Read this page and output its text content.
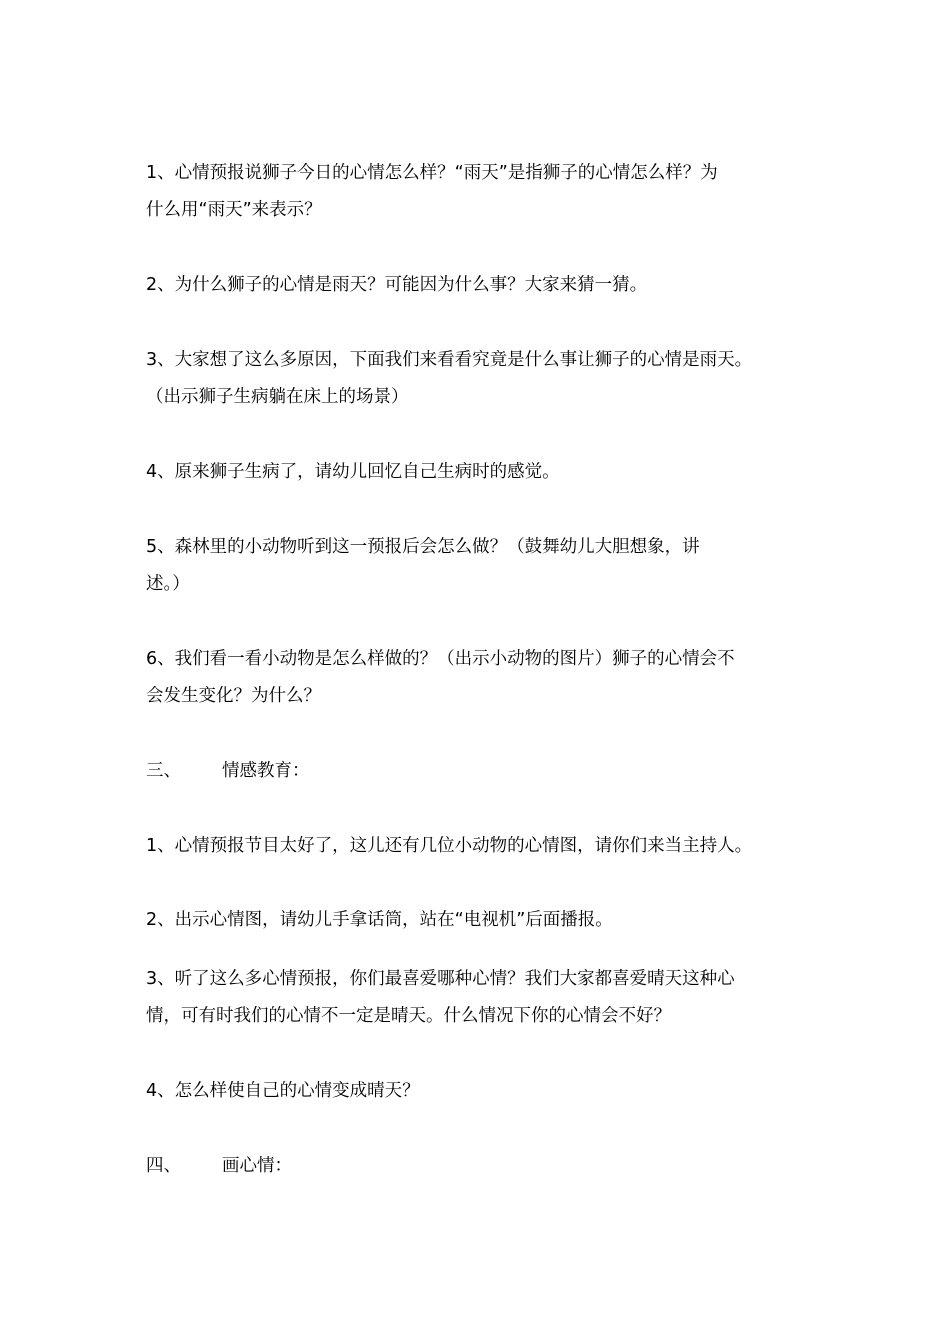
1、心情预报说狮子今日的心情怎么样？“雨天”是指狮子的心情怎么样？为
什么用“雨天”来表示？
2、为什么狮子的心情是雨天？可能因为什么事？大家来猜一猜。
3、大家想了这么多原因，下面我们来看看究竟是什么事让狮子的心情是雨天。
（出示狮子生病躺在床上的场景）
4、原来狮子生病了，请幼儿回忆自己生病时的感觉。
5、森林里的小动物听到这一预报后会怎么做？（鼓舞幼儿大胆想象，讲
述。）
6、我们看一看小动物是怎么样做的？（出示小动物的图片）狮子的心情会不
会发生变化？为什么？
三、 情感教育：
1、心情预报节目太好了，这儿还有几位小动物的心情图，请你们来当主持人。
2、出示心情图，请幼儿手拿话筒，站在“电视机”后面播报。
3、听了这么多心情预报，你们最喜爱哪种心情？我们大家都喜爱晴天这种心
情，可有时我们的心情不一定是晴天。什么情况下你的心情会不好？
4、怎么样使自己的心情变成晴天？
四、 画心情：
